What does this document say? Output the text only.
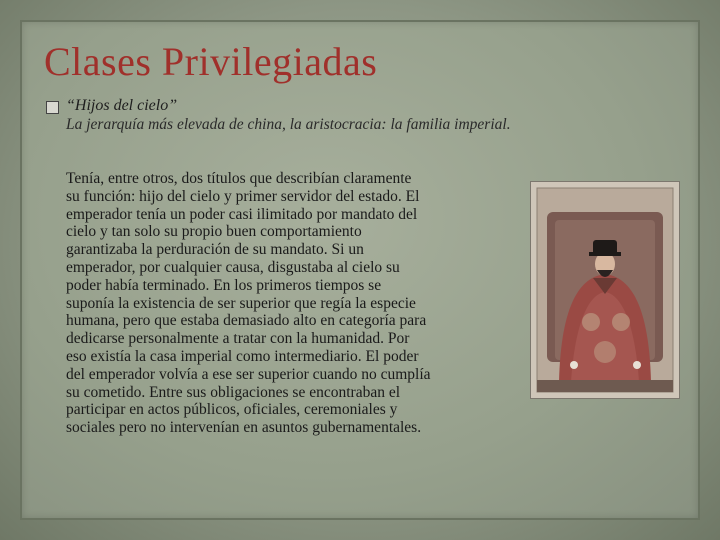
Clases Privilegiadas
“Hijos del cielo”
La jerarquía más elevada de china, la aristocracia: la familia imperial.

Tenía, entre otros, dos títulos que describían claramente
su función: hijo del cielo y primer servidor del estado. El
emperador tenía un poder casi ilimitado por mandato del
cielo y tan solo su propio buen comportamiento
garantizaba la perduración de su mandato. Si un
emperador, por cualquier causa, disgustaba al cielo su
poder había terminado. En los primeros tiempos se
suponía la existencia de ser superior que regía la especie
humana, pero que estaba demasiado alto en categoría para
dedicarse personalmente a tratar con la humanidad. Por
eso existía la casa imperial como intermediario. El poder
del emperador volvía a ese ser superior cuando no cumplía
su cometido. Entre sus obligaciones se encontraban el
participar en actos públicos, oficiales, ceremoniales y
sociales pero no intervenían en asuntos gubernamentales.
